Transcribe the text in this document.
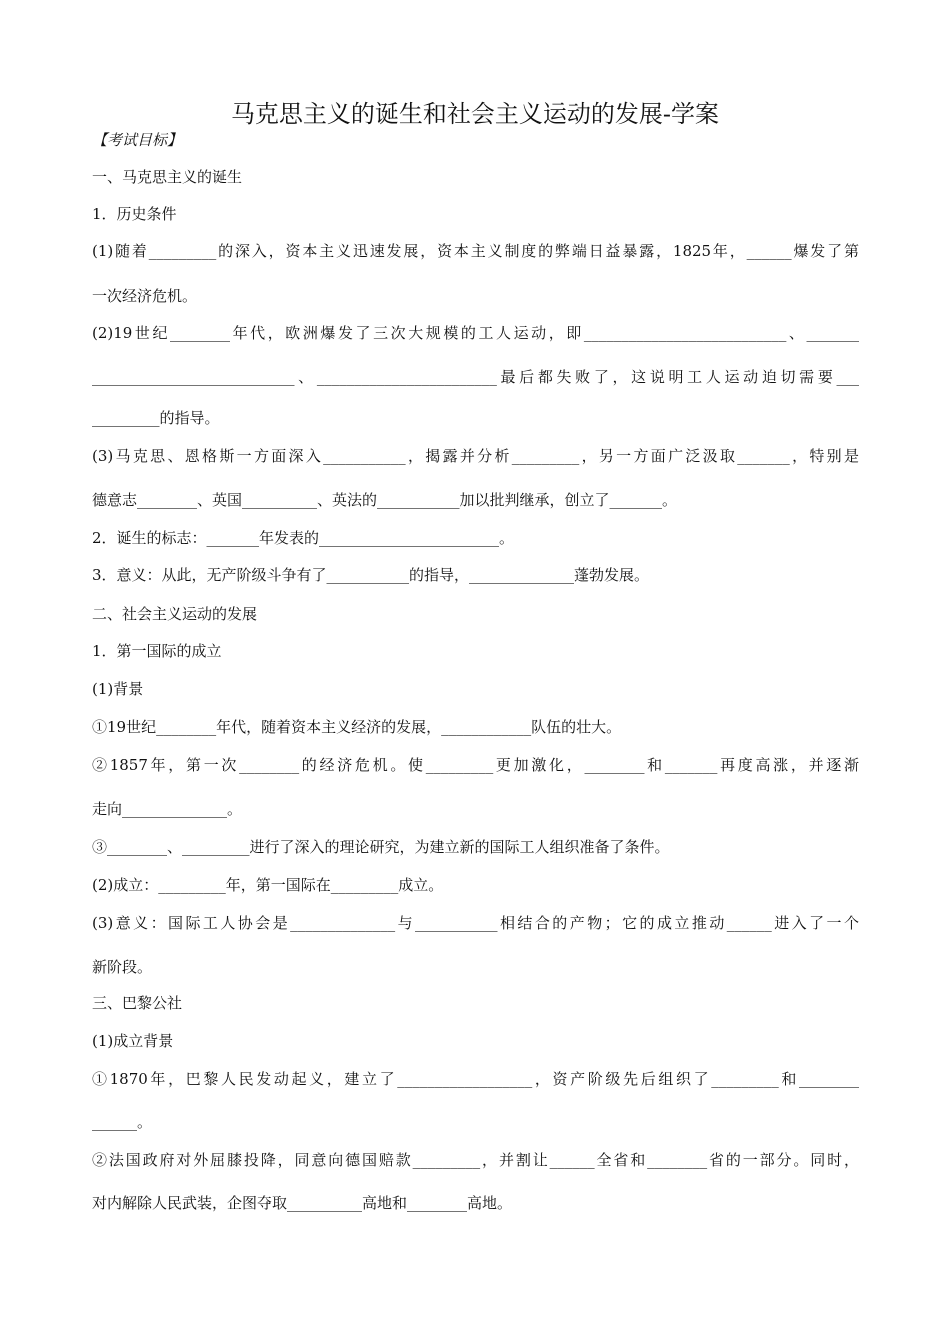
马克思主义的诞生和社会主义运动的发展-学案
【考试目标】
一、马克思主义的诞生
1．历史条件
(1)随着_________的深入，资本主义迅速发展，资本主义制度的弊端日益暴露，1825年，______爆发了第
一次经济危机。
(2)19世纪________年代，欧洲爆发了三次大规模的工人运动，即___________________________、_______
___________________________、________________________最后都失败了，这说明工人运动迫切需要___
_________的指导。
(3)马克思、恩格斯一方面深入___________，揭露并分析_________，另一方面广泛汲取_______，特别是
德意志________、英国__________、英法的___________加以批判继承，创立了_______。
2．诞生的标志：_______年发表的________________________。
3．意义：从此，无产阶级斗争有了___________的指导，______________蓬勃发展。
二、社会主义运动的发展
1．第一国际的成立
(1)背景
①19世纪________年代，随着资本主义经济的发展，____________队伍的壮大。
②1857年，第一次________的经济危机。使_________更加激化，________和_______再度高涨，并逐渐
走向______________。
③________、_________进行了深入的理论研究，为建立新的国际工人组织准备了条件。
(2)成立：_________年，第一国际在_________成立。
(3)意义：国际工人协会是______________与___________相结合的产物；它的成立推动______进入了一个
新阶段。
三、巴黎公社
(1)成立背景
①1870年，巴黎人民发动起义，建立了__________________，资产阶级先后组织了_________和________
______。
②法国政府对外屈膝投降，同意向德国赔款_________，并割让______全省和________省的一部分。同时，
对内解除人民武装，企图夺取__________高地和________高地。
